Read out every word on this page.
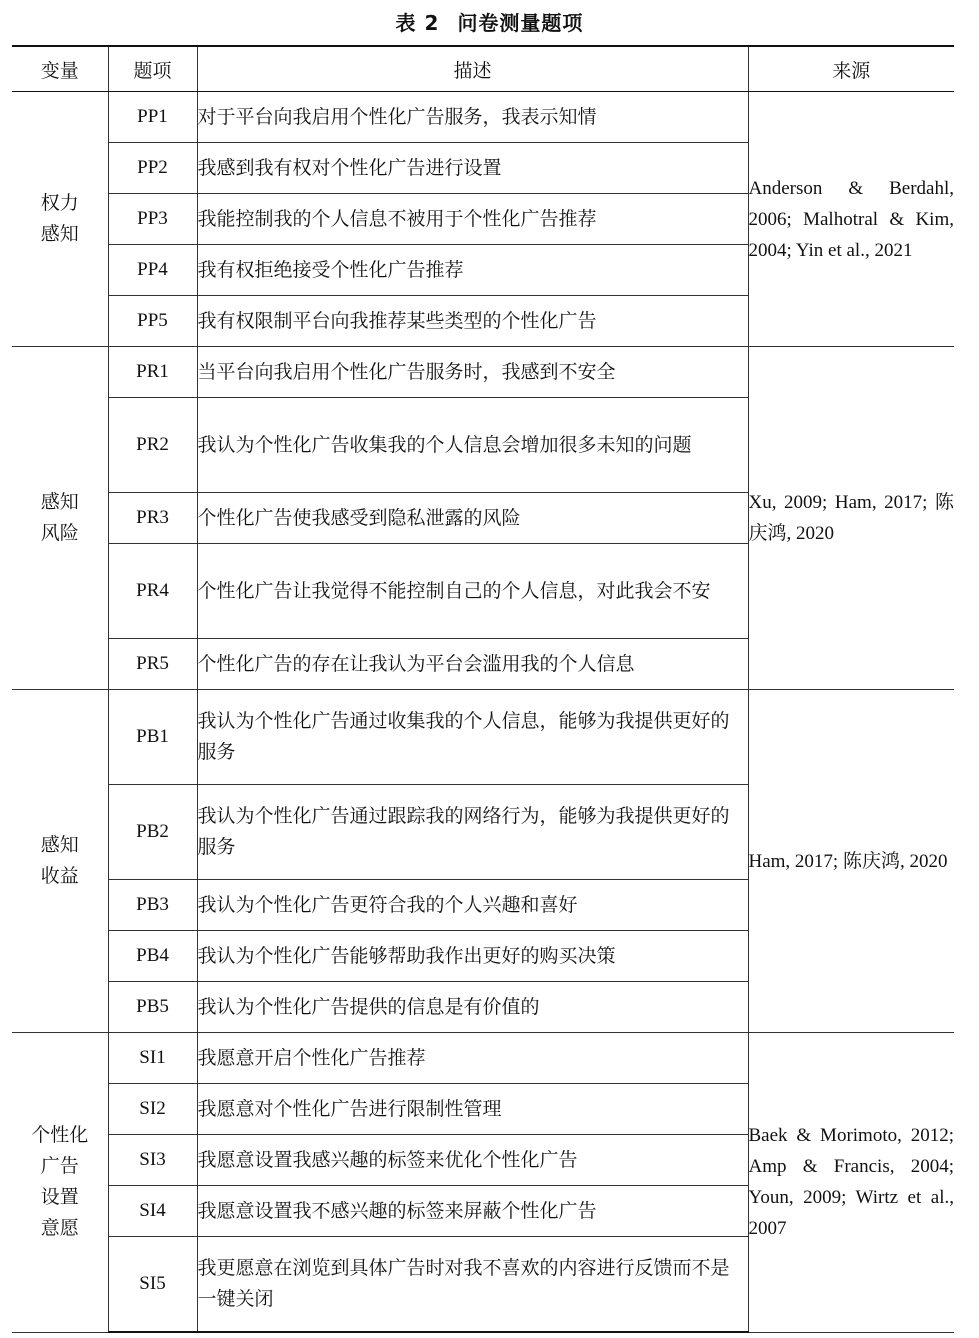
表 2 问卷测量题项
变量	题项	描述	来源

权力
感知	PP1	对于平台向我启用个性化广告服务，我表示知情	Anderson & Berdahl, 2006; Malhotral & Kim, 2004; Yin et al., 2021
	PP2	我感到我有权对个性化广告进行设置	
	PP3	我能控制我的个人信息不被用于个性化广告推荐	
	PP4	我有权拒绝接受个性化广告推荐	
	PP5	我有权限制平台向我推荐某些类型的个性化广告	

感知
风险	PR1	当平台向我启用个性化广告服务时，我感到不安全	Xu, 2009; Ham, 2017; 陈庆鸿, 2020
	PR2	我认为个性化广告收集我的个人信息会增加很多未知的问题	
	PR3	个性化广告使我感受到隐私泄露的风险	
	PR4	个性化广告让我觉得不能控制自己的个人信息，对此我会不安	
	PR5	个性化广告的存在让我认为平台会滥用我的个人信息	

感知
收益	PB1	我认为个性化广告通过收集我的个人信息，能够为我提供更好的服务	Ham, 2017; 陈庆鸿, 2020
	PB2	我认为个性化广告通过跟踪我的网络行为，能够为我提供更好的服务	
	PB3	我认为个性化广告更符合我的个人兴趣和喜好	
	PB4	我认为个性化广告能够帮助我作出更好的购买决策	
	PB5	我认为个性化广告提供的信息是有价值的	

个性化
广告
设置
意愿	SI1	我愿意开启个性化广告推荐	Baek & Morimoto, 2012; Amp & Francis, 2004; Youn, 2009; Wirtz et al., 2007
	SI2	我愿意对个性化广告进行限制性管理	
	SI3	我愿意设置我感兴趣的标签来优化个性化广告	
	SI4	我愿意设置我不感兴趣的标签来屏蔽个性化广告	
	SI5	我更愿意在浏览到具体广告时对我不喜欢的内容进行反馈而不是一键关闭	
